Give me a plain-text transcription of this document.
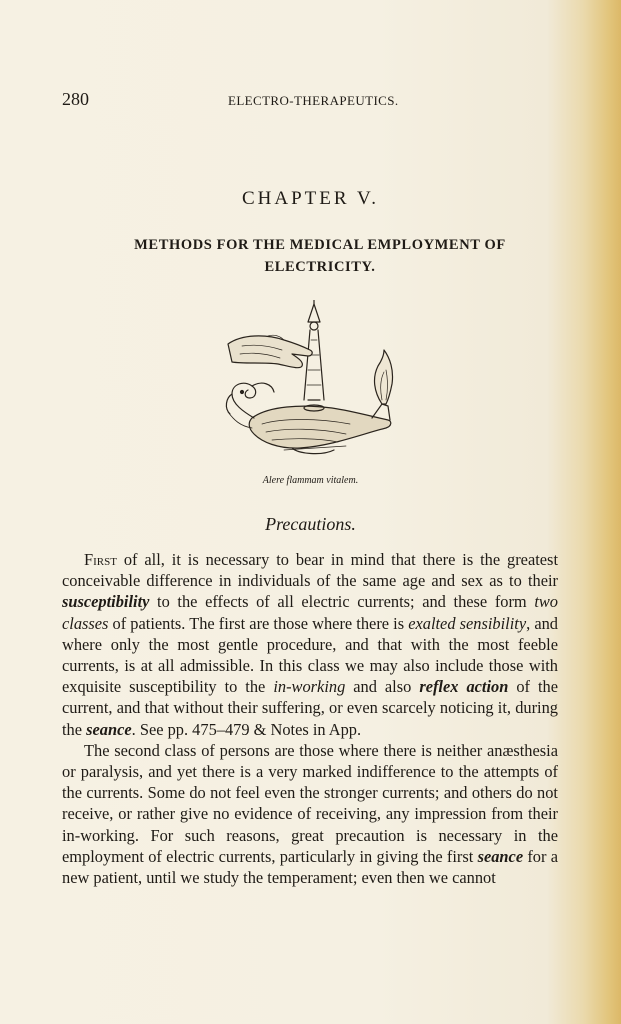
280	ELECTRO-THERAPEUTICS.
CHAPTER V.
METHODS FOR THE MEDICAL EMPLOYMENT OF ELECTRICITY.
Alere flammam vitalem.
Precautions.

First of all, it is necessary to bear in mind that there is the greatest conceivable difference in individuals of the same age and sex as to their susceptibility to the effects of all electric currents; and these form two classes of patients. The first are those where there is exalted sensibility, and where only the most gentle procedure, and that with the most feeble currents, is at all admissible. In this class we may also include those with exquisite susceptibility to the in-working and also reflex action of the current, and that without their suffering, or even scarcely noticing it, during the seance. See pp. 475–479 & Notes in App.

The second class of persons are those where there is neither anæsthesia or paralysis, and yet there is a very marked indifference to the attempts of the currents. Some do not feel even the stronger currents; and others do not receive, or rather give no evidence of receiving, any impression from their in-working. For such reasons, great precaution is necessary in the employment of electric currents, particularly in giving the first seance for a new patient, until we study the temperament; even then we cannot
